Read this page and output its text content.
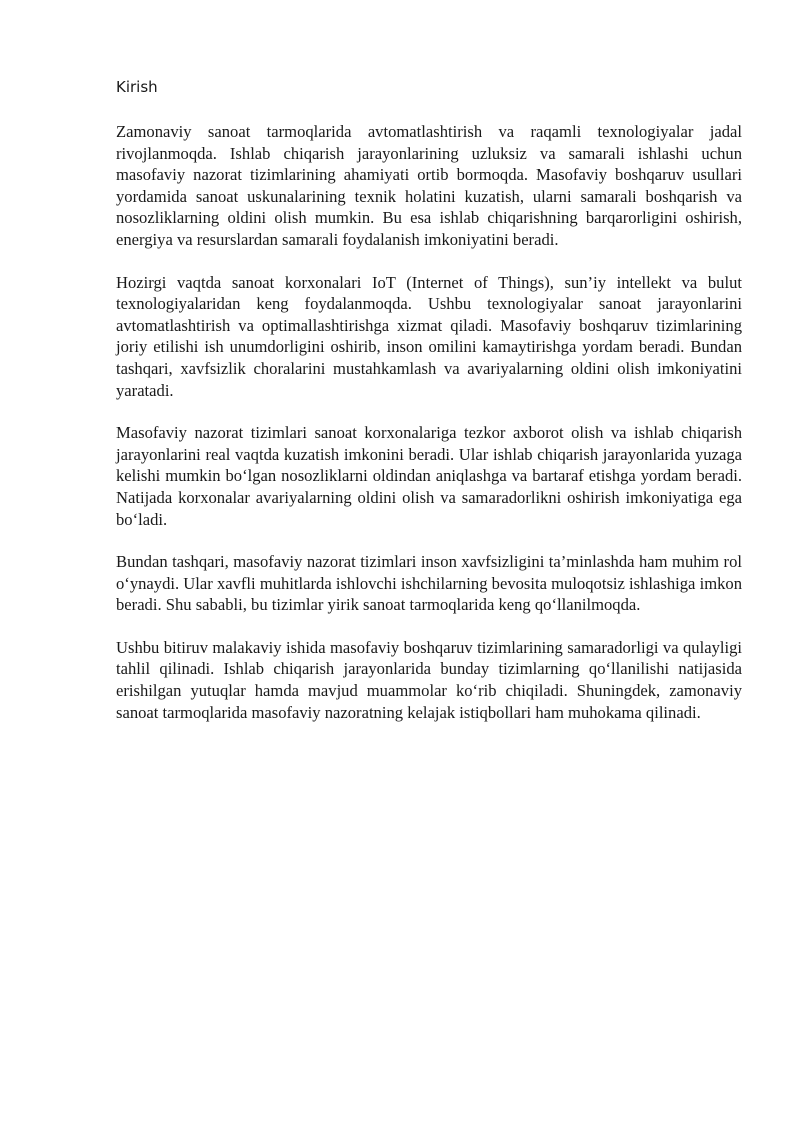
Kirish

Zamonaviy sanoat tarmoqlarida avtomatlashtirish va raqamli texnologiyalar jadal rivojlanmoqda. Ishlab chiqarish jarayonlarining uzluksiz va samarali ishlashi uchun masofaviy nazorat tizimlarining ahamiyati ortib bormoqda. Masofaviy boshqaruv usullari yordamida sanoat uskunalarining texnik holatini kuzatish, ularni samarali boshqarish va nosozliklarning oldini olish mumkin. Bu esa ishlab chiqarishning barqarorligini oshirish, energiya va resurslardan samarali foydalanish imkoniyatini beradi.

Hozirgi vaqtda sanoat korxonalari IoT (Internet of Things), sun’iy intellekt va bulut texnologiyalaridan keng foydalanmoqda. Ushbu texnologiyalar sanoat jarayonlarini avtomatlashtirish va optimallashtirishga xizmat qiladi. Masofaviy boshqaruv tizimlarining joriy etilishi ish unumdorligini oshirib, inson omilini kamaytirishga yordam beradi. Bundan tashqari, xavfsizlik choralarini mustahkamlash va avariyalarning oldini olish imkoniyatini yaratadi.

Masofaviy nazorat tizimlari sanoat korxonalariga tezkor axborot olish va ishlab chiqarish jarayonlarini real vaqtda kuzatish imkonini beradi. Ular ishlab chiqarish jarayonlarida yuzaga kelishi mumkin bo‘lgan nosozliklarni oldindan aniqlashga va bartaraf etishga yordam beradi. Natijada korxonalar avariyalarning oldini olish va samaradorlikni oshirish imkoniyatiga ega bo‘ladi.

Bundan tashqari, masofaviy nazorat tizimlari inson xavfsizligini ta’minlashda ham muhim rol o‘ynaydi. Ular xavfli muhitlarda ishlovchi ishchilarning bevosita muloqotsiz ishlashiga imkon beradi. Shu sababli, bu tizimlar yirik sanoat tarmoqlarida keng qo‘llanilmoqda.

Ushbu bitiruv malakaviy ishida masofaviy boshqaruv tizimlarining samaradorligi va qulayligi tahlil qilinadi. Ishlab chiqarish jarayonlarida bunday tizimlarning qo‘llanilishi natijasida erishilgan yutuqlar hamda mavjud muammolar ko‘rib chiqiladi. Shuningdek, zamonaviy sanoat tarmoqlarida masofaviy nazoratning kelajak istiqbollari ham muhokama qilinadi.
